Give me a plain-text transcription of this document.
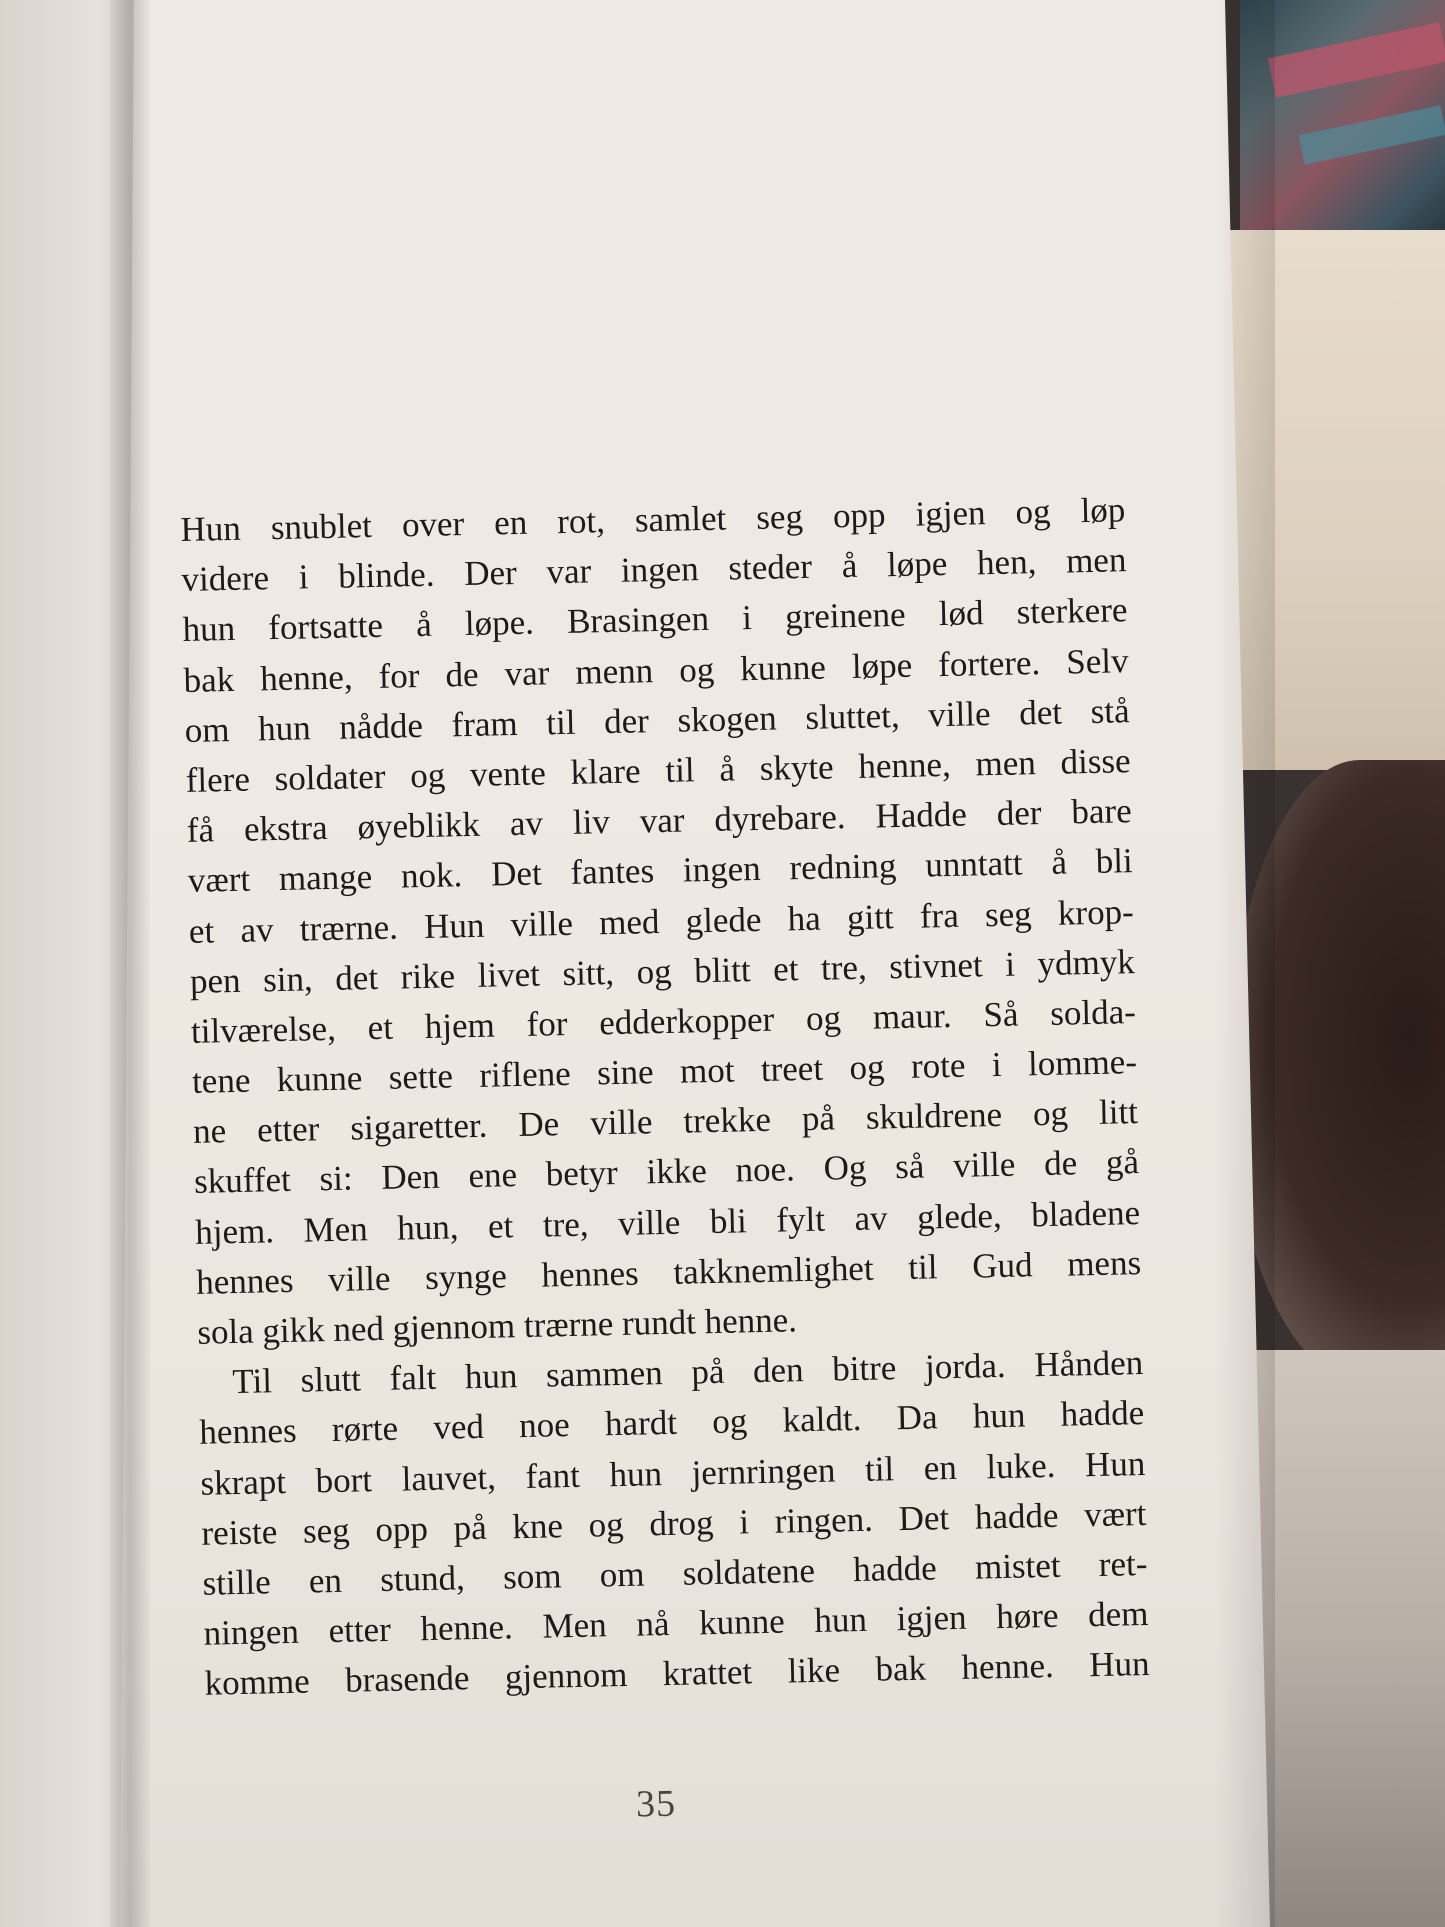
Hun snublet over en rot, samlet seg opp igjen og løp
videre i blinde. Der var ingen steder å løpe hen, men
hun fortsatte å løpe. Brasingen i greinene lød sterkere
bak henne, for de var menn og kunne løpe fortere. Selv
om hun nådde fram til der skogen sluttet, ville det stå
flere soldater og vente klare til å skyte henne, men disse
få ekstra øyeblikk av liv var dyrebare. Hadde der bare
vært mange nok. Det fantes ingen redning unntatt å bli
et av trærne. Hun ville med glede ha gitt fra seg krop-
pen sin, det rike livet sitt, og blitt et tre, stivnet i ydmyk
tilværelse, et hjem for edderkopper og maur. Så solda-
tene kunne sette riflene sine mot treet og rote i lomme-
ne etter sigaretter. De ville trekke på skuldrene og litt
skuffet si: Den ene betyr ikke noe. Og så ville de gå
hjem. Men hun, et tre, ville bli fylt av glede, bladene
hennes ville synge hennes takknemlighet til Gud mens
sola gikk ned gjennom trærne rundt henne.
Til slutt falt hun sammen på den bitre jorda. Hånden
hennes rørte ved noe hardt og kaldt. Da hun hadde
skrapt bort lauvet, fant hun jernringen til en luke. Hun
reiste seg opp på kne og drog i ringen. Det hadde vært
stille en stund, som om soldatene hadde mistet ret-
ningen etter henne. Men nå kunne hun igjen høre dem
komme brasende gjennom krattet like bak henne. Hun
35
